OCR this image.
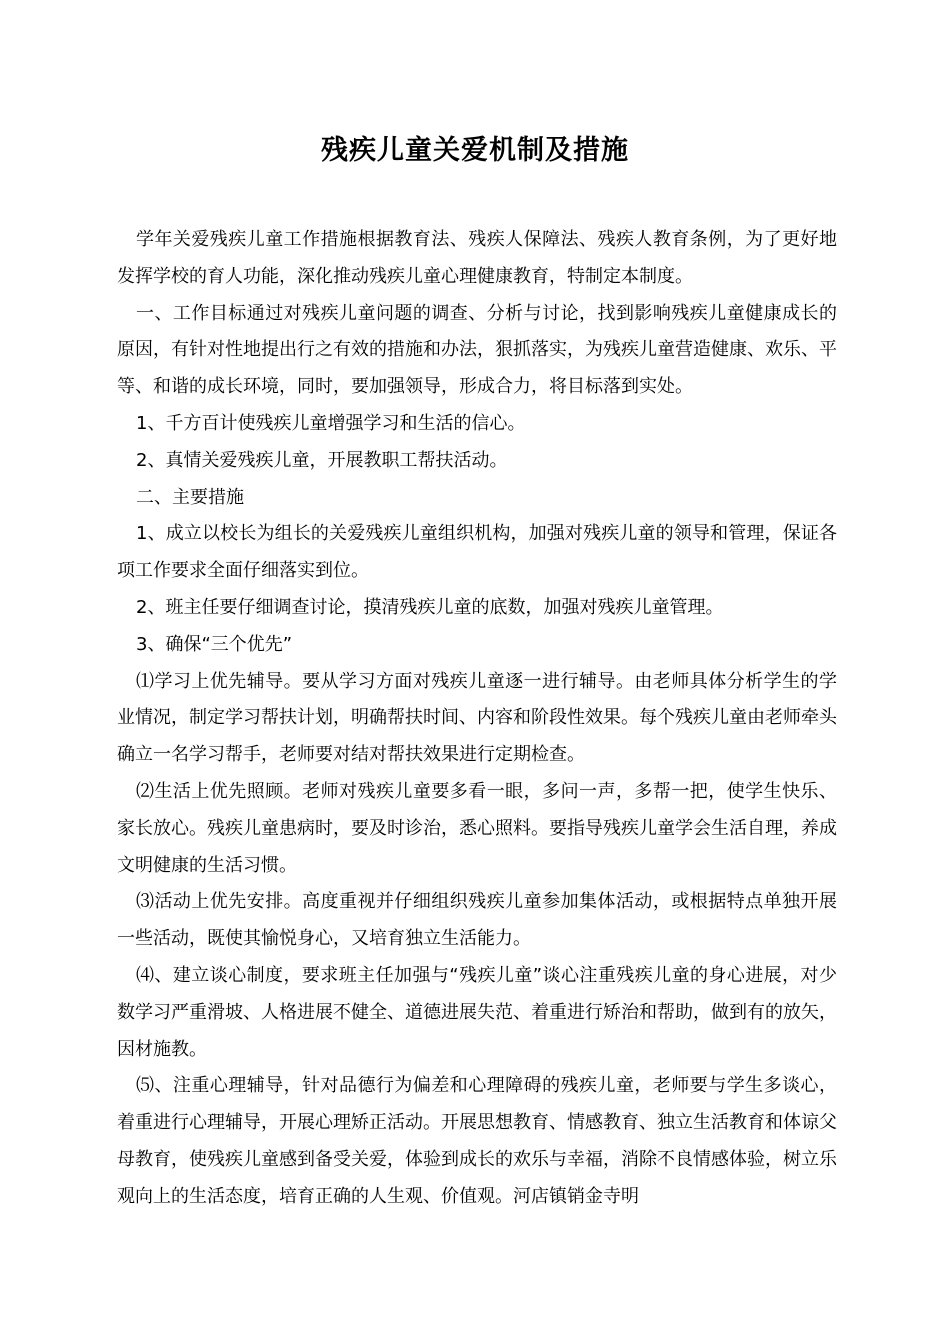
残疾儿童关爱机制及措施

学年关爱残疾儿童工作措施根据教育法、残疾人保障法、残疾人教育条例，为了更好地发挥学校的育人功能，深化推动残疾儿童心理健康教育，特制定本制度。

一、工作目标通过对残疾儿童问题的调查、分析与讨论，找到影响残疾儿童健康成长的原因，有针对性地提出行之有效的措施和办法，狠抓落实，为残疾儿童营造健康、欢乐、平等、和谐的成长环境，同时，要加强领导，形成合力，将目标落到实处。

1、千方百计使残疾儿童增强学习和生活的信心。

2、真情关爱残疾儿童，开展教职工帮扶活动。

二、主要措施

1、成立以校长为组长的关爱残疾儿童组织机构，加强对残疾儿童的领导和管理，保证各项工作要求全面仔细落实到位。

2、班主任要仔细调查讨论，摸清残疾儿童的底数，加强对残疾儿童管理。

3、确保“三个优先”

⑴学习上优先辅导。要从学习方面对残疾儿童逐一进行辅导。由老师具体分析学生的学业情况，制定学习帮扶计划，明确帮扶时间、内容和阶段性效果。每个残疾儿童由老师牵头确立一名学习帮手，老师要对结对帮扶效果进行定期检查。

⑵生活上优先照顾。老师对残疾儿童要多看一眼，多问一声，多帮一把，使学生快乐、家长放心。残疾儿童患病时，要及时诊治，悉心照料。要指导残疾儿童学会生活自理，养成文明健康的生活习惯。

⑶活动上优先安排。高度重视并仔细组织残疾儿童参加集体活动，或根据特点单独开展一些活动，既使其愉悦身心，又培育独立生活能力。

⑷、建立谈心制度，要求班主任加强与“残疾儿童”谈心注重残疾儿童的身心进展，对少数学习严重滑坡、人格进展不健全、道德进展失范、着重进行矫治和帮助，做到有的放矢，因材施教。

⑸、注重心理辅导，针对品德行为偏差和心理障碍的残疾儿童，老师要与学生多谈心，着重进行心理辅导，开展心理矫正活动。开展思想教育、情感教育、独立生活教育和体谅父母教育，使残疾儿童感到备受关爱，体验到成长的欢乐与幸福，消除不良情感体验，树立乐观向上的生活态度，培育正确的人生观、价值观。河店镇销金寺明
